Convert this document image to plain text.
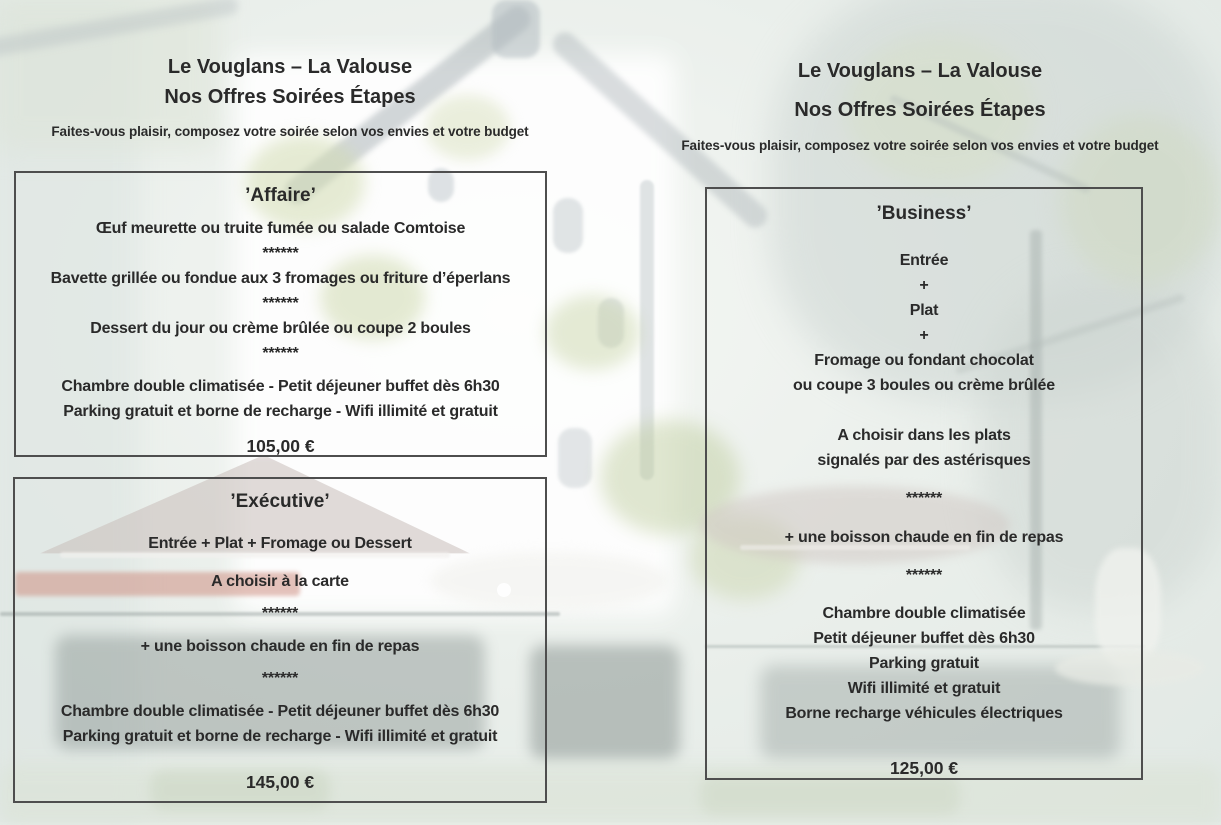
Le Vouglans – La Valouse

Nos Offres Soirées Étapes

Faites-vous plaisir, composez votre soirée selon vos envies et votre budget

Le Vouglans – La Valouse

Nos Offres Soirées Étapes

Faites-vous plaisir, composez votre soirée selon vos envies et votre budget

’Affaire’

Œuf meurette ou truite fumée ou salade Comtoise

******

Bavette grillée ou fondue aux 3 fromages ou friture d’éperlans

******

Dessert du jour ou crème brûlée ou coupe 2 boules

******

Chambre double climatisée - Petit déjeuner buffet dès 6h30

Parking gratuit et borne de recharge - Wifi illimité et gratuit

105,00 €

’Exécutive’

Entrée + Plat + Fromage ou Dessert

A choisir à la carte

******

+ une boisson chaude en fin de repas

******

Chambre double climatisée - Petit déjeuner buffet dès 6h30

Parking gratuit et borne de recharge - Wifi illimité et gratuit

145,00 €

’Business’

Entrée

+

Plat

+

Fromage ou fondant chocolat

ou coupe 3 boules ou crème brûlée

A choisir dans les plats

signalés par des astérisques

******

+ une boisson chaude en fin de repas

******

Chambre double climatisée

Petit déjeuner buffet dès 6h30

Parking gratuit

Wifi illimité et gratuit

Borne recharge véhicules électriques

125,00 €
